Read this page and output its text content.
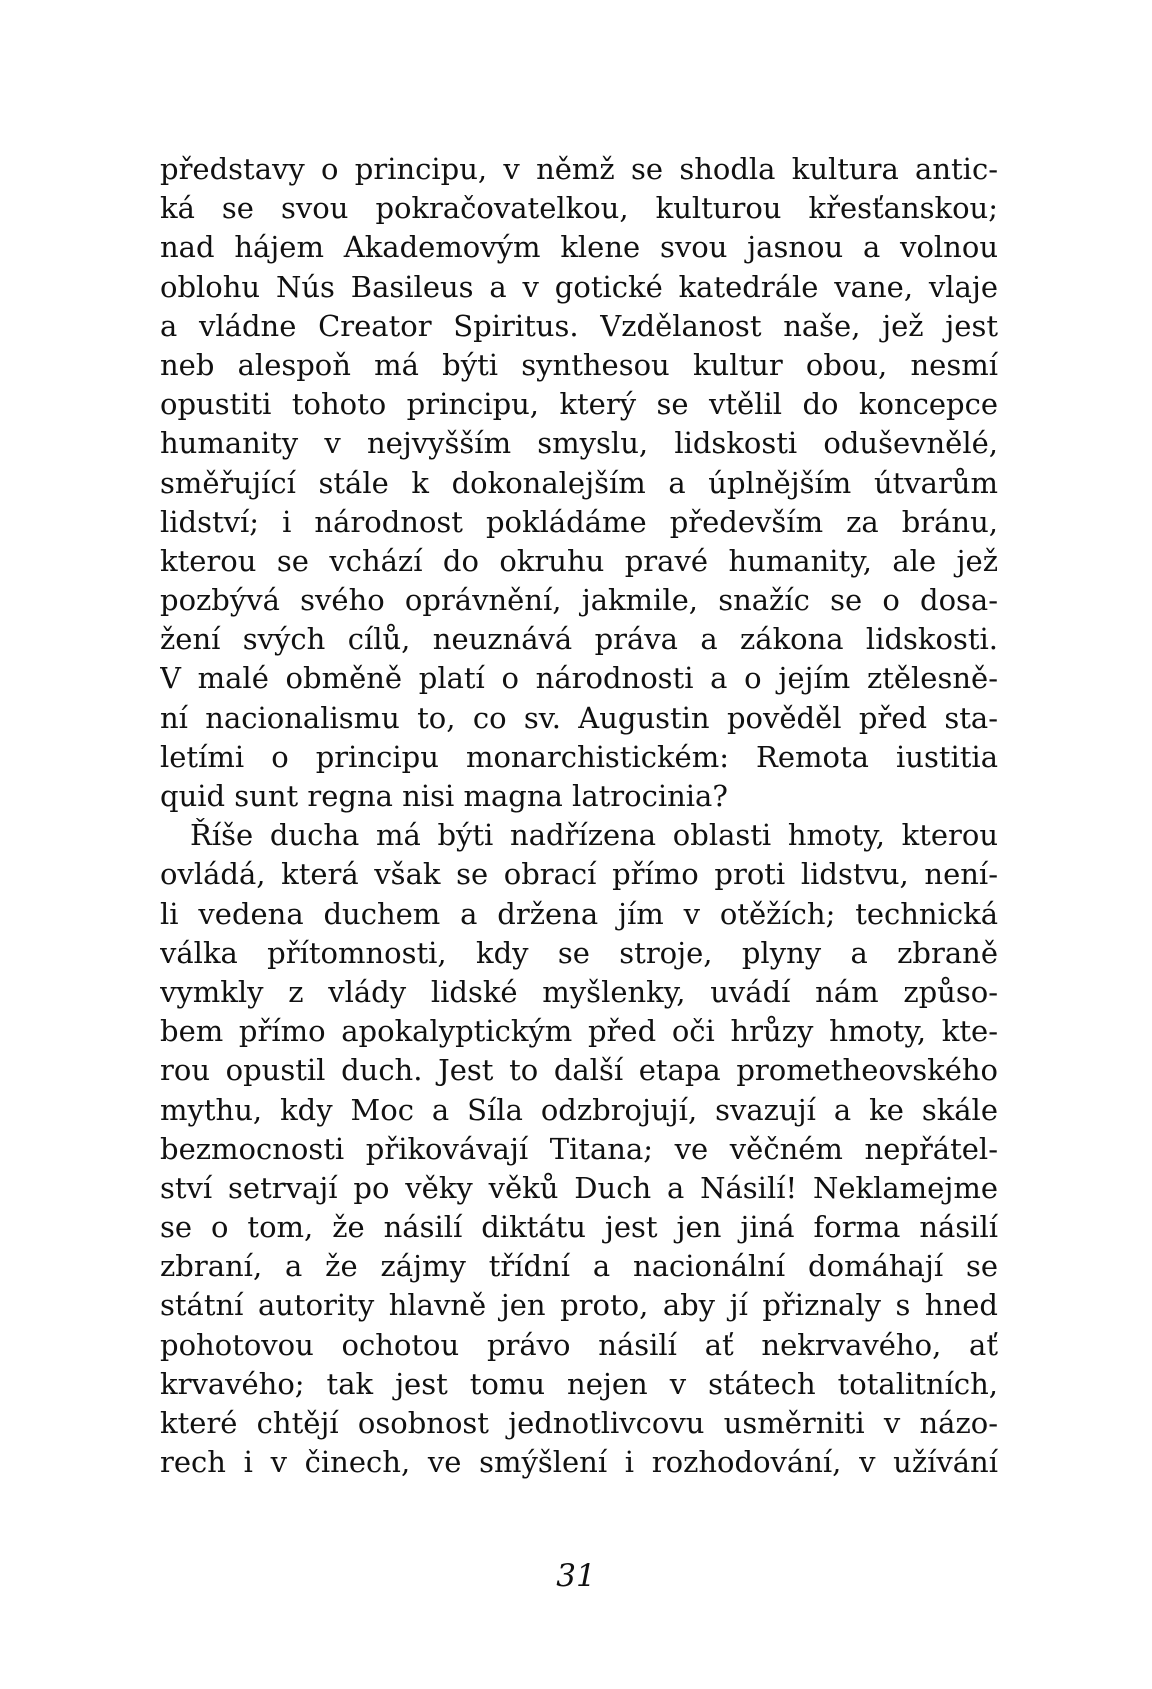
představy o principu, v němž se shodla kultura antic-
ká se svou pokračovatelkou, kulturou křesťanskou;
nad hájem Akademovým klene svou jasnou a volnou
oblohu Nús Basileus a v gotické katedrále vane, vlaje
a vládne Creator Spiritus. Vzdělanost naše, jež jest
neb alespoň má býti synthesou kultur obou, nesmí
opustiti tohoto principu, který se vtělil do koncepce
humanity v nejvyšším smyslu, lidskosti oduševnělé,
směřující stále k dokonalejším a úplnějším útvarům
lidství; i národnost pokládáme především za bránu,
kterou se vchází do okruhu pravé humanity, ale jež
pozbývá svého oprávnění, jakmile, snažíc se o dosa-
žení svých cílů, neuznává práva a zákona lidskosti.
V malé obměně platí o národnosti a o jejím ztělesně-
ní nacionalismu to, co sv. Augustin pověděl před sta-
letími o principu monarchistickém: Remota iustitia
quid sunt regna nisi magna latrocinia?
Říše ducha má býti nadřízena oblasti hmoty, kterou
ovládá, která však se obrací přímo proti lidstvu, není-
li vedena duchem a držena jím v otěžích; technická
válka přítomnosti, kdy se stroje, plyny a zbraně
vymkly z vlády lidské myšlenky, uvádí nám způso-
bem přímo apokalyptickým před oči hrůzy hmoty, kte-
rou opustil duch. Jest to další etapa prometheovského
mythu, kdy Moc a Síla odzbrojují, svazují a ke skále
bezmocnosti přikovávají Titana; ve věčném nepřátel-
ství setrvají po věky věků Duch a Násilí! Neklamejme
se o tom, že násilí diktátu jest jen jiná forma násilí
zbraní, a že zájmy třídní a nacionální domáhají se
státní autority hlavně jen proto, aby jí přiznaly s hned
pohotovou ochotou právo násilí ať nekrvavého, ať
krvavého; tak jest tomu nejen v státech totalitních,
které chtějí osobnost jednotlivcovu usměrniti v názo-
rech i v činech, ve smýšlení i rozhodování, v užívání
31
